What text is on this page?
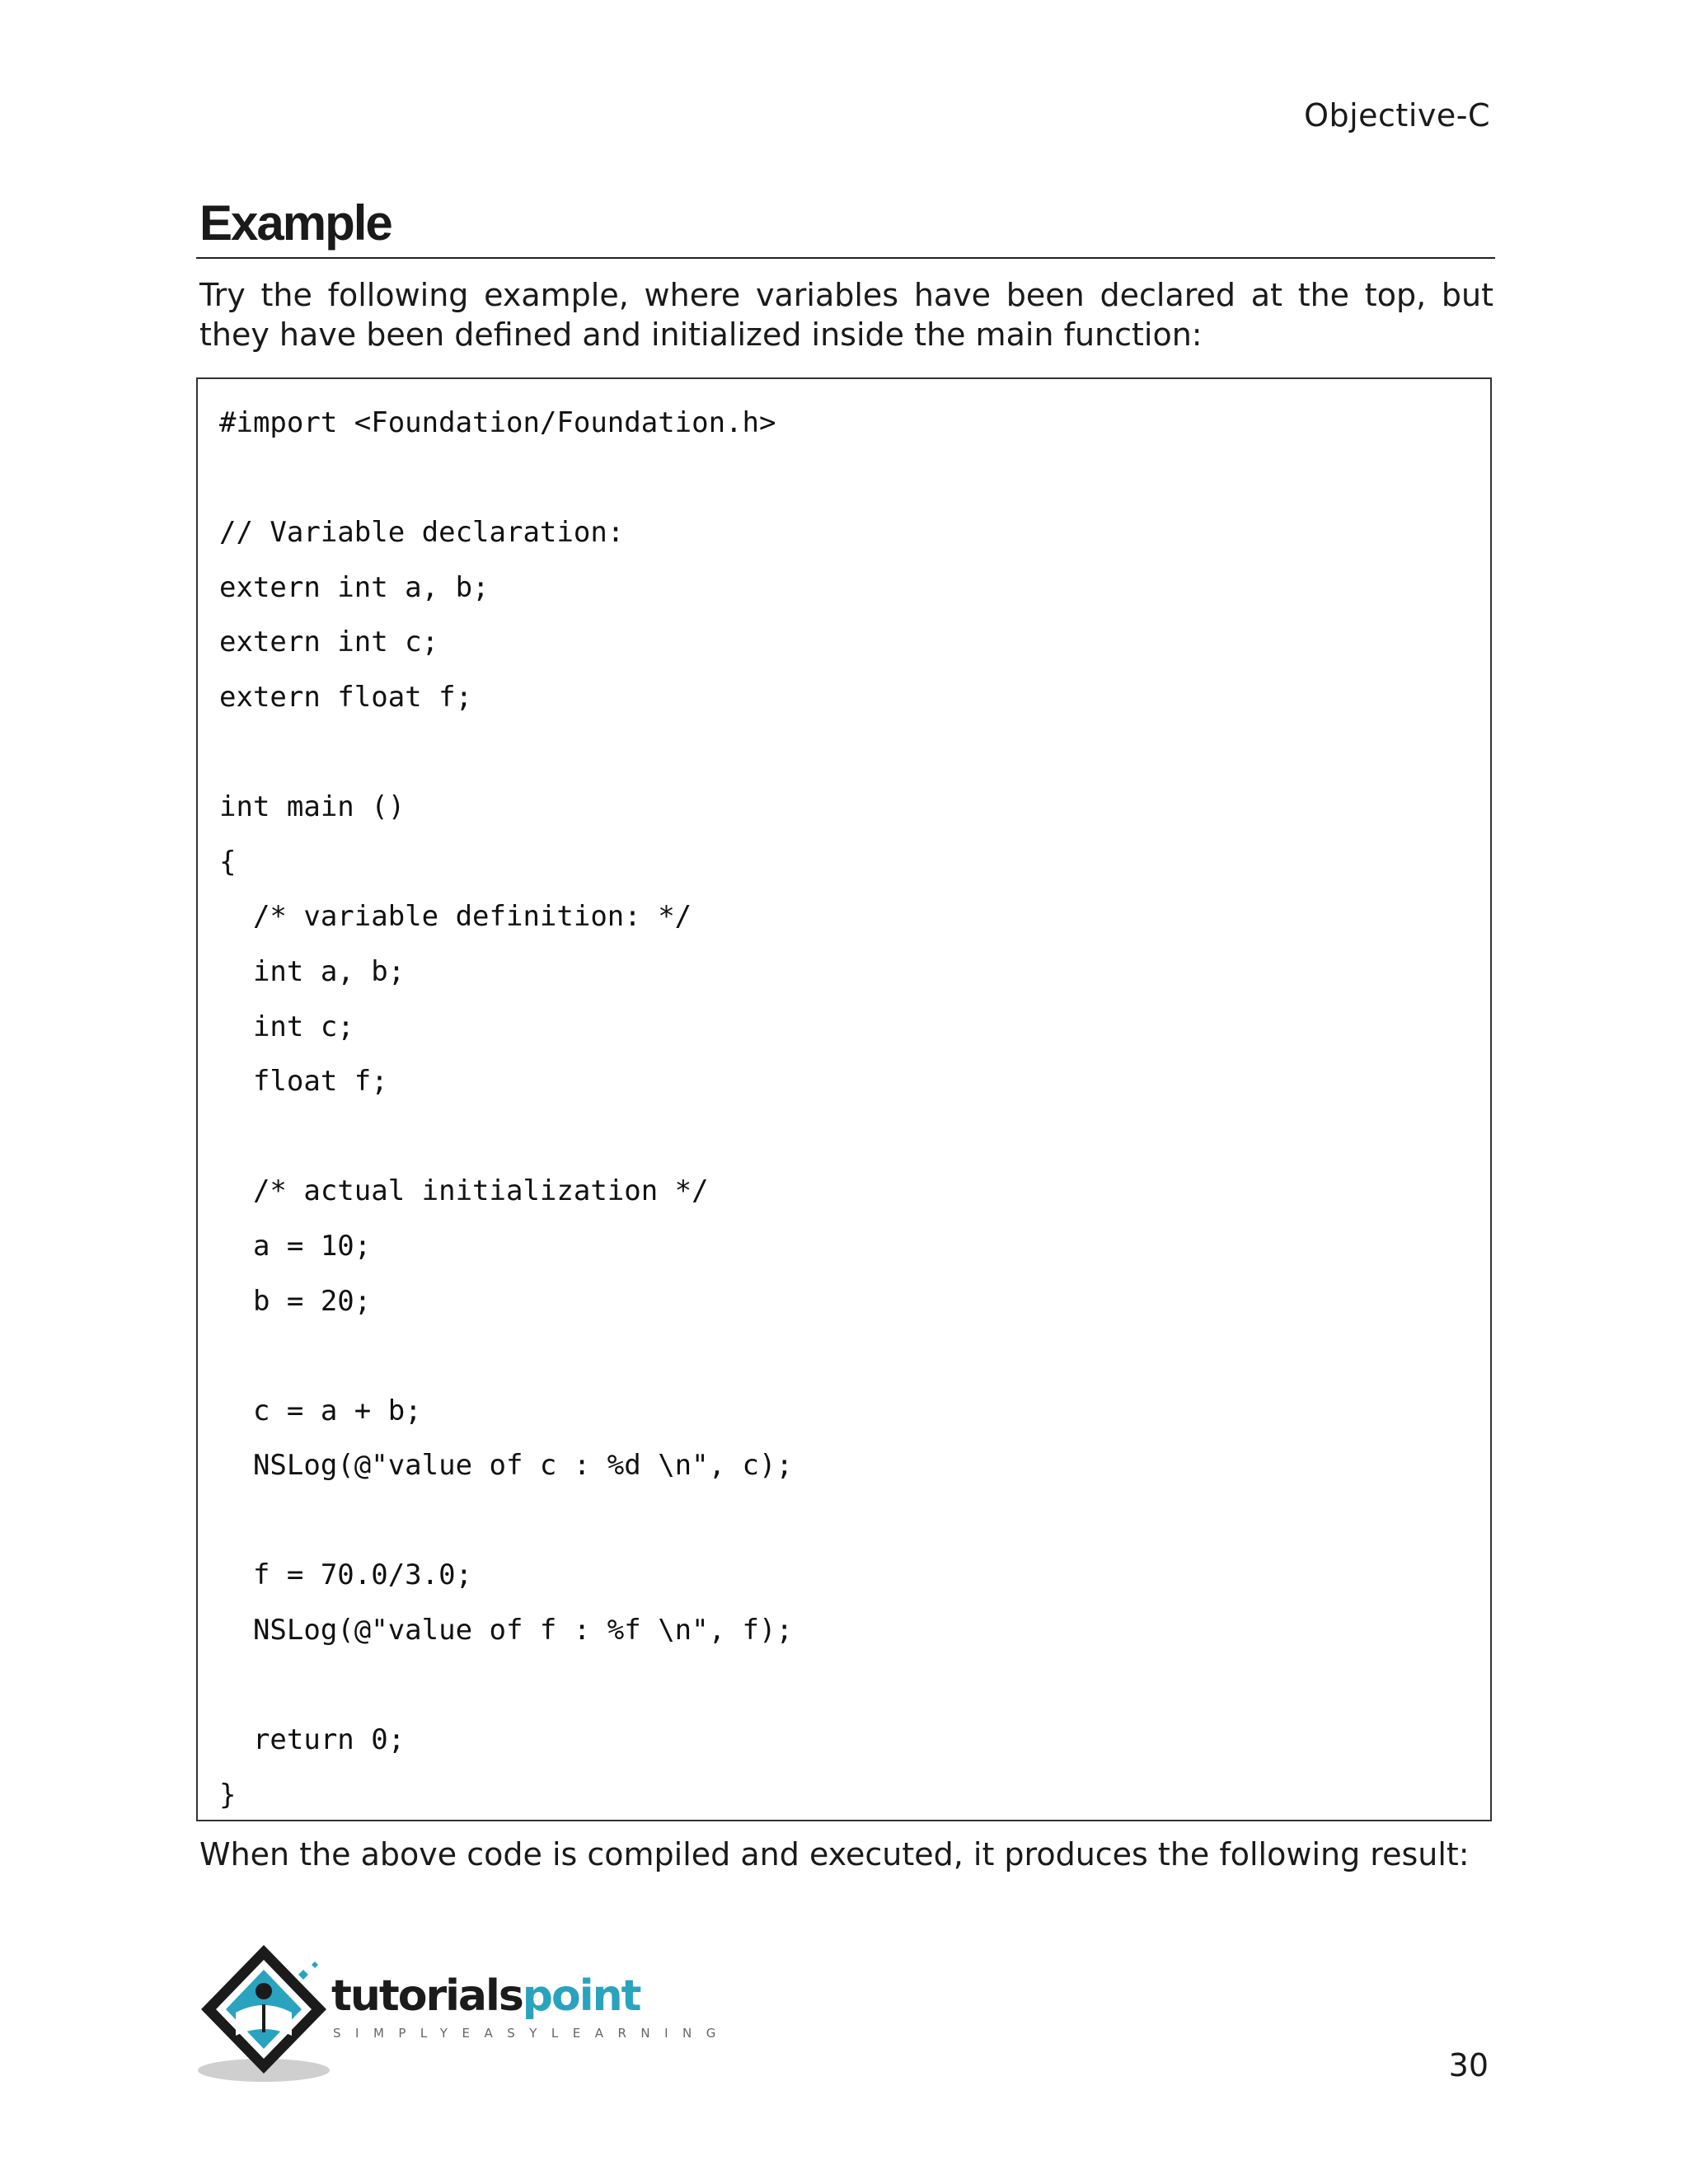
Objective-C
Example

Try the following example, where variables have been declared at the top, but they have been defined and initialized inside the main function:

#import <Foundation/Foundation.h>
// Variable declaration:
extern int a, b;
extern int c;
extern float f;
int main ()
{
/* variable definition: */
int a, b;
int c;
float f;
/* actual initialization */
a = 10;
b = 20;
c = a + b;
NSLog(@"value of c : %d \n", c);
f = 70.0/3.0;
NSLog(@"value of f : %f \n", f);
return 0;
}

When the above code is compiled and executed, it produces the following result:

tutorialspoint
SIMPLYEASYLEARNING
30
